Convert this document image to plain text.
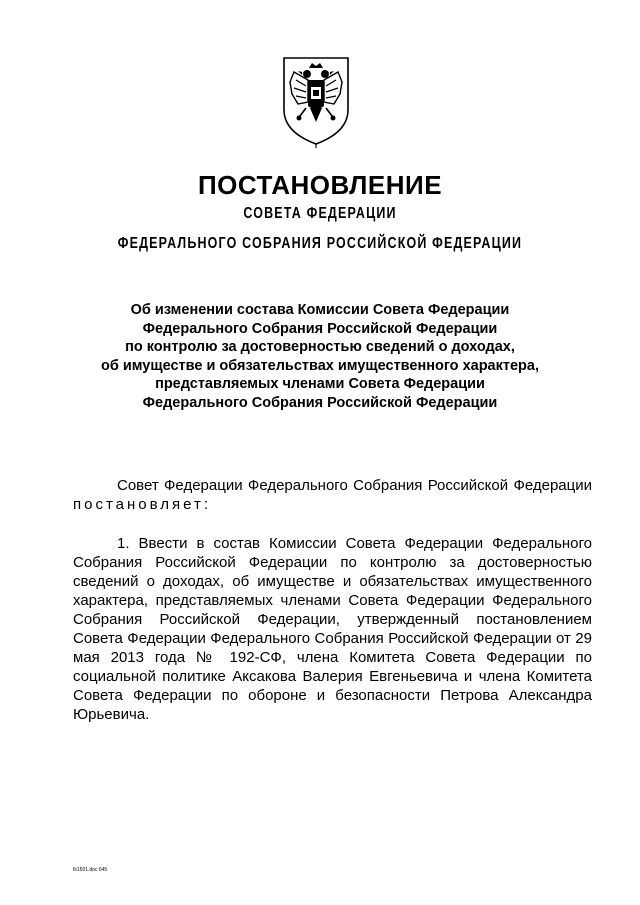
ПОСТАНОВЛЕНИЕ
СОВЕТА ФЕДЕРАЦИИ
ФЕДЕРАЛЬНОГО СОБРАНИЯ РОССИЙСКОЙ ФЕДЕРАЦИИ
Об изменении состава Комиссии Совета Федерации
Федерального Собрания Российской Федерации
по контролю за достоверностью сведений о доходах,
об имуществе и обязательствах имущественного характера,
представляемых членами Совета Федерации
Федерального Собрания Российской Федерации
Совет Федерации Федерального Собрания Российской Федерации постановляет:
1. Ввести в состав Комиссии Совета Федерации Федерального Собрания Российской Федерации по контролю за достоверностью сведений о доходах, об имуществе и обязательствах имущественного характера, представляемых членами Совета Федерации Федерального Собрания Российской Федерации, утвержденный постановлением Совета Федерации Федерального Собрания Российской Федерации от 29 мая 2013 года № 192-СФ, члена Комитета Совета Федерации по социальной политике Аксакова Валерия Евгеньевича и члена Комитета Совета Федерации по обороне и безопасности Петрова Александра Юрьевича.
fs1501.doc 645
